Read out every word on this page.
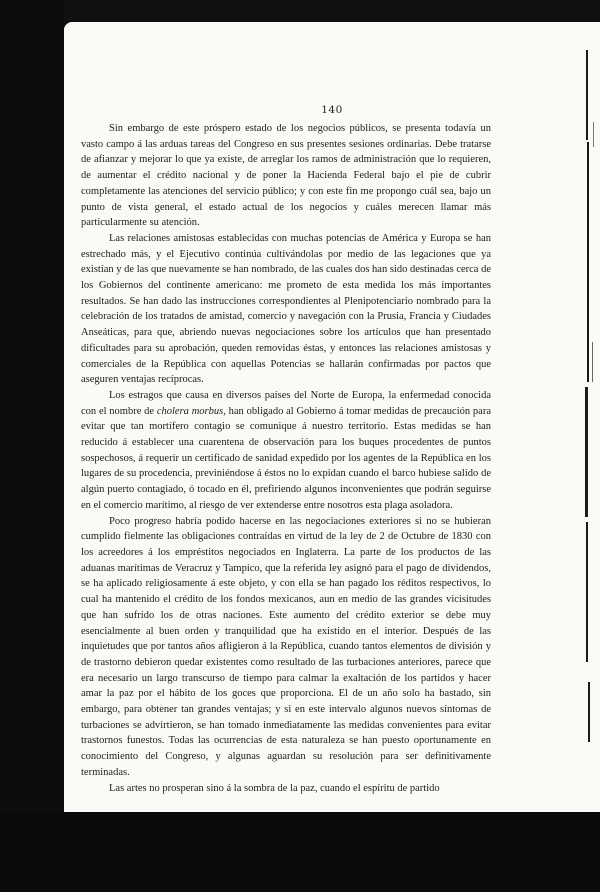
140

Sin embargo de este próspero estado de los negocios públicos, se presenta todavía un vasto campo á las arduas tareas del Congreso en sus presentes sesiones ordinarias. Debe tratarse de afianzar y mejorar lo que ya existe, de arreglar los ramos de administración que lo requieren, de aumentar el crédito nacional y de poner la Hacienda Federal bajo el pie de cubrir completamente las atenciones del servicio público; y con este fin me propongo cuál sea, bajo un punto de vista general, el estado actual de los negocios y cuáles merecen llamar más particularmente su atención.

Las relaciones amistosas establecidas con muchas potencias de América y Europa se han estrechado más, y el Ejecutivo continúa cultivándolas por medio de las legaciones que ya existían y de las que nuevamente se han nombrado, de las cuales dos han sido destinadas cerca de los Gobiernos del continente americano: me prometo de esta medida los más importantes resultados. Se han dado las instrucciones correspondientes al Plenipotenciario nombrado para la celebración de los tratados de amistad, comercio y navegación con la Prusia, Francia y Ciudades Anseáticas, para que, abriendo nuevas negociaciones sobre los artículos que han presentado dificultades para su aprobación, queden removidas éstas, y entonces las relaciones amistosas y comerciales de la República con aquellas Potencias se hallarán confirmadas por pactos que aseguren ventajas recíprocas.

Los estragos que causa en diversos países del Norte de Europa, la enfermedad conocida con el nombre de cholera morbus, han obligado al Gobierno á tomar medidas de precaución para evitar que tan mortífero contagio se comunique á nuestro territorio. Estas medidas se han reducido á establecer una cuarentena de observación para los buques procedentes de puntos sospechosos, á requerir un certificado de sanidad expedido por los agentes de la República en los lugares de su procedencia, previniéndose á éstos no lo expidan cuando el barco hubiese salido de algún puerto contagiado, ó tocado en él, prefiriendo algunos inconvenientes que podrán seguirse en el comercio marítimo, al riesgo de ver extenderse entre nosotros esta plaga asoladora.

Poco progreso habría podido hacerse en las negociaciones exteriores si no se hubieran cumplido fielmente las obligaciones contraídas en virtud de la ley de 2 de Octubre de 1830 con los acreedores á los empréstitos negociados en Inglaterra. La parte de los productos de las aduanas marítimas de Veracruz y Tampico, que la referida ley asignó para el pago de dividendos, se ha aplicado religiosamente á este objeto, y con ella se han pagado los réditos respectivos, lo cual ha mantenido el crédito de los fondos mexicanos, aun en medio de las grandes vicisitudes que han sufrido los de otras naciones. Este aumento del crédito exterior se debe muy esencialmente al buen orden y tranquilidad que ha existido en el interior. Después de las inquietudes que por tantos años afligieron á la República, cuando tantos elementos de división y de trastorno debieron quedar existentes como resultado de las turbaciones anteriores, parece que era necesario un largo transcurso de tiempo para calmar la exaltación de los partidos y hacer amar la paz por el hábito de los goces que proporciona. El de un año solo ha bastado, sin embargo, para obtener tan grandes ventajas; y si en este intervalo algunos nuevos síntomas de turbaciones se advirtieron, se han tomado inmediatamente las medidas convenientes para evitar trastornos funestos. Todas las ocurrencias de esta naturaleza se han puesto oportunamente en conocimiento del Congreso, y algunas aguardan su resolución para ser definitivamente terminadas.

Las artes no prosperan sino á la sombra de la paz, cuando el espíritu de partido
